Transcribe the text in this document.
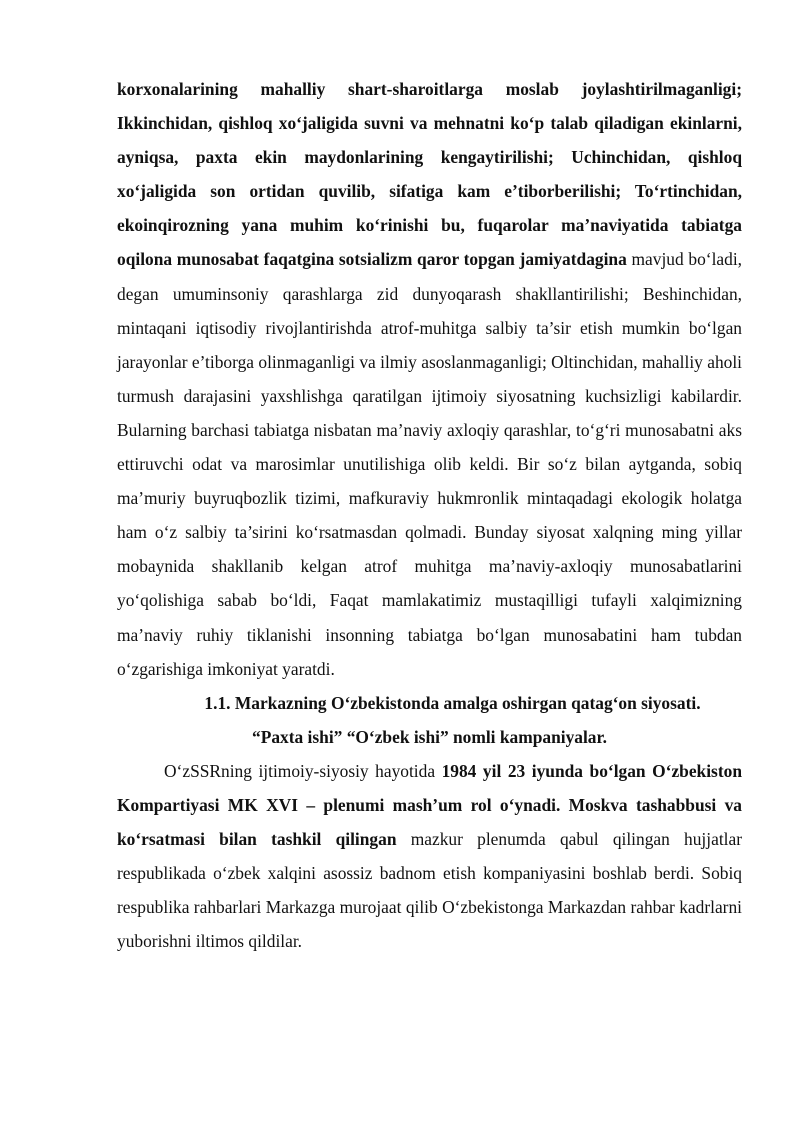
korxonalarining mahalliy shart-sharoitlarga moslab joylashtirilmaganligi; Ikkinchidan, qishloq xo‘jaligida suvni va mehnatni ko‘p talab qiladigan ekinlarni, ayniqsa, paxta ekin maydonlarining kengaytirilishi; Uchinchidan, qishloq xo‘jaligida son ortidan quvilib, sifatiga kam e’tiborberilishi; To‘rtinchidan, ekoinqirozning yana muhim ko‘rinishi bu, fuqarolar ma’naviyatida tabiatga oqilona munosabat faqatgina sotsializm qaror topgan jamiyatdagina mavjud bo‘ladi, degan umuminsoniy qarashlarga zid dunyoqarash shakllantirilishi; Beshinchidan, mintaqani iqtisodiy rivojlantirishda atrof-muhitga salbiy ta’sir etish mumkin bo‘lgan jarayonlar e’tiborga olinmaganligi va ilmiy asoslanmaganligi; Oltinchidan, mahalliy aholi turmush darajasini yaxshlishga qaratilgan ijtimoiy siyosatning kuchsizligi kabilardir. Bularning barchasi tabiatga nisbatan ma’naviy axloqiy qarashlar, to‘g‘ri munosabatni aks ettiruvchi odat va marosimlar unutilishiga olib keldi. Bir so‘z bilan aytganda, sobiq ma’muriy buyruqbozlik tizimi, mafkuraviy hukmronlik mintaqadagi ekologik holatga ham o‘z salbiy ta’sirini ko‘rsatmasdan qolmadi. Bunday siyosat xalqning ming yillar mobaynida shakllanib kelgan atrof muhitga ma’naviy-axloqiy munosabatlarini yo‘qolishiga sabab bo‘ldi, Faqat mamlakatimiz mustaqilligi tufayli xalqimizning ma’naviy ruhiy tiklanishi insonning tabiatga bo‘lgan munosabatini ham tubdan o‘zgarishiga imkoniyat yaratdi.

1.1. Markazning O‘zbekistonda amalga oshirgan qatag‘on siyosati.
“Paxta ishi” “O‘zbek ishi” nomli kampaniyalar.

O‘zSSRning ijtimoiy-siyosiy hayotida 1984 yil 23 iyunda bo‘lgan O‘zbekiston Kompartiyasi MK XVI – plenumi mash’um rol o‘ynadi. Moskva tashabbusi va ko‘rsatmasi bilan tashkil qilingan mazkur plenumda qabul qilingan hujjatlar respublikada o‘zbek xalqini asossiz badnom etish kompaniyasini boshlab berdi. Sobiq respublika rahbarlari Markazga murojaat qilib O‘zbekistonga Markazdan rahbar kadrlarni yuborishni iltimos qildilar.
